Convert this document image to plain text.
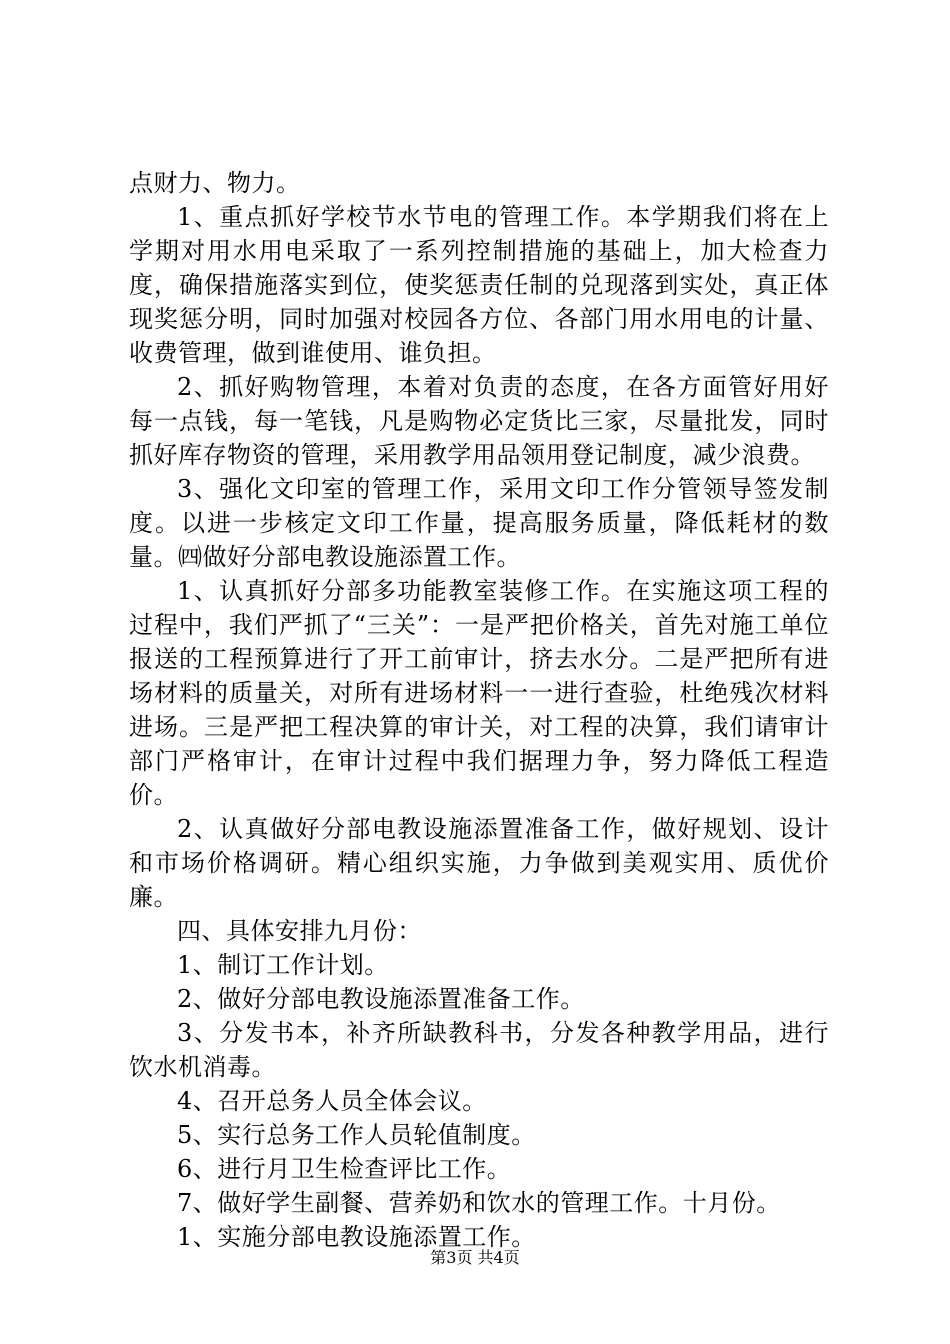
点财力、物力。

1、重点抓好学校节水节电的管理工作。本学期我们将在上学期对用水用电采取了一系列控制措施的基础上，加大检查力度，确保措施落实到位，使奖惩责任制的兑现落到实处，真正体现奖惩分明，同时加强对校园各方位、各部门用水用电的计量、收费管理，做到谁使用、谁负担。

2、抓好购物管理，本着对负责的态度，在各方面管好用好每一点钱，每一笔钱，凡是购物必定货比三家，尽量批发，同时抓好库存物资的管理，采用教学用品领用登记制度，减少浪费。

3、强化文印室的管理工作，采用文印工作分管领导签发制度。以进一步核定文印工作量，提高服务质量，降低耗材的数量。㈣做好分部电教设施添置工作。

1、认真抓好分部多功能教室装修工作。在实施这项工程的过程中，我们严抓了“三关”：一是严把价格关，首先对施工单位报送的工程预算进行了开工前审计，挤去水分。二是严把所有进场材料的质量关，对所有进场材料一一进行查验，杜绝残次材料进场。三是严把工程决算的审计关，对工程的决算，我们请审计部门严格审计，在审计过程中我们据理力争，努力降低工程造价。

2、认真做好分部电教设施添置准备工作，做好规划、设计和市场价格调研。精心组织实施，力争做到美观实用、质优价廉。

四、具体安排九月份：

1、制订工作计划。

2、做好分部电教设施添置准备工作。

3、分发书本，补齐所缺教科书，分发各种教学用品，进行饮水机消毒。

4、召开总务人员全体会议。

5、实行总务工作人员轮值制度。

6、进行月卫生检查评比工作。

7、做好学生副餐、营养奶和饮水的管理工作。十月份。

1、实施分部电教设施添置工作。

第3页 共4页
